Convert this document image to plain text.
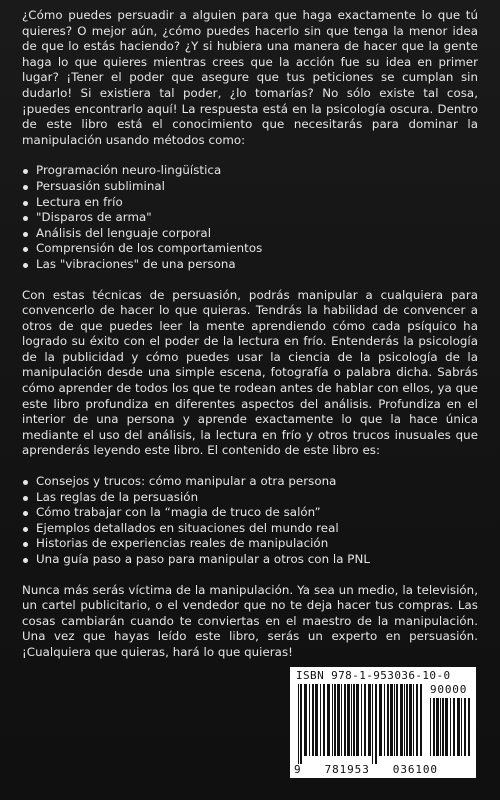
¿Cómo puedes persuadir a alguien para que haga exactamente lo que tú quieres? O mejor aún, ¿cómo puedes hacerlo sin que tenga la menor idea de que lo estás haciendo? ¿Y si hubiera una manera de hacer que la gente haga lo que quieres mientras crees que la acción fue su idea en primer lugar? ¡Tener el poder que asegure que tus peticiones se cumplan sin dudarlo! Si existiera tal poder, ¿lo tomarías? No sólo existe tal cosa, ¡puedes encontrarlo aquí! La respuesta está en la psicología oscura. Dentro de este libro está el conocimiento que necesitarás para dominar la manipulación usando métodos como:

Programación neuro-lingüística
Persuasión subliminal
Lectura en frío
"Disparos de arma"
Análisis del lenguaje corporal
Comprensión de los comportamientos
Las "vibraciones" de una persona

Con estas técnicas de persuasión, podrás manipular a cualquiera para convencerlo de hacer lo que quieras. Tendrás la habilidad de convencer a otros de que puedes leer la mente aprendiendo cómo cada psíquico ha logrado su éxito con el poder de la lectura en frío. Entenderás la psicología de la publicidad y cómo puedes usar la ciencia de la psicología de la manipulación desde una simple escena, fotografía o palabra dicha. Sabrás cómo aprender de todos los que te rodean antes de hablar con ellos, ya que este libro profundiza en diferentes aspectos del análisis. Profundiza en el interior de una persona y aprende exactamente lo que la hace única mediante el uso del análisis, la lectura en frío y otros trucos inusuales que aprenderás leyendo este libro. El contenido de este libro es:

Consejos y trucos: cómo manipular a otra persona
Las reglas de la persuasión
Cómo trabajar con la “magia de truco de salón”
Ejemplos detallados en situaciones del mundo real
Historias de experiencias reales de manipulación
Una guía paso a paso para manipular a otros con la PNL

Nunca más serás víctima de la manipulación. Ya sea un medio, la televisión, un cartel publicitario, o el vendedor que no te deja hacer tus compras. Las cosas cambiarán cuando te conviertas en el maestro de la manipulación. Una vez que hayas leído este libro, serás un experto en persuasión. ¡Cualquiera que quieras, hará lo que quieras!

ISBN 978-1-953036-10-0
90000
9 781953 036100
